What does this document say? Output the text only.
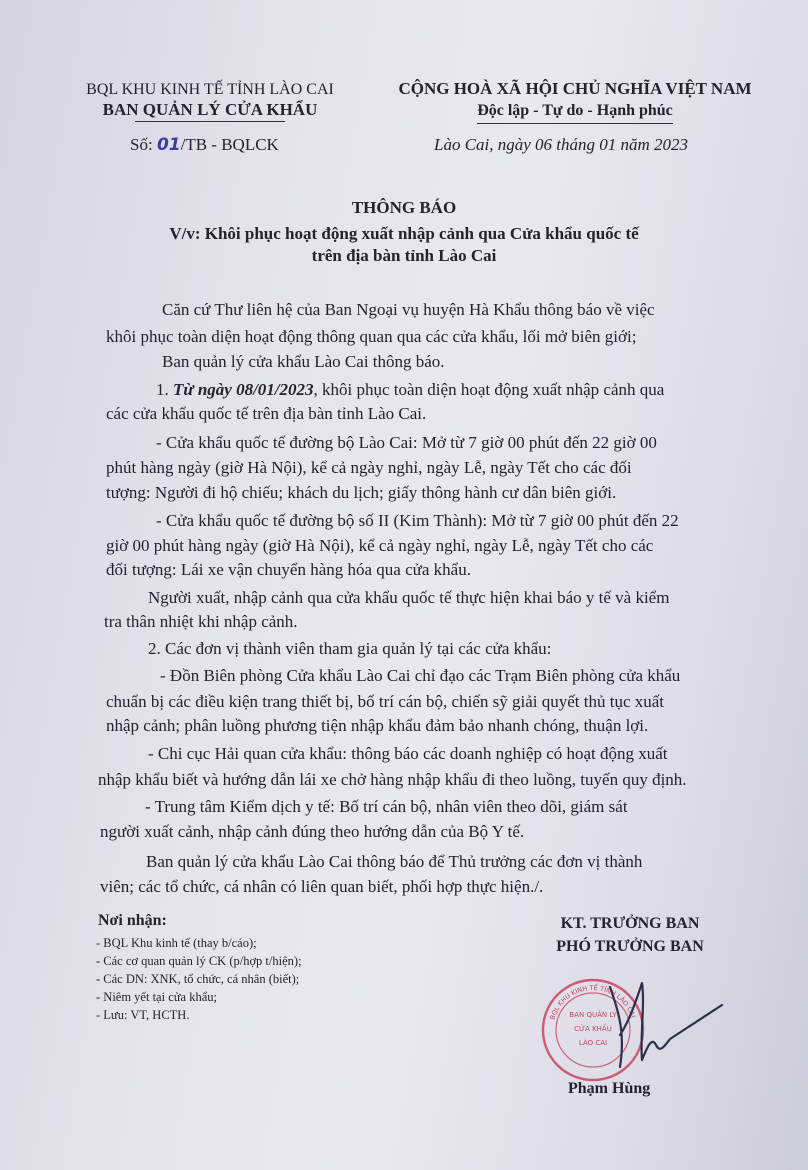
BQL KHU KINH TẾ TỈNH LÀO CAI
BAN QUẢN LÝ CỬA KHẨU
CỘNG HOÀ XÃ HỘI CHỦ NGHĨA VIỆT NAM
Độc lập - Tự do - Hạnh phúc
Số: 01/TB - BQLCK	Lào Cai, ngày 06 tháng 01 năm 2023
THÔNG BÁO
V/v: Khôi phục hoạt động xuất nhập cảnh qua Cửa khẩu quốc tế
trên địa bàn tỉnh Lào Cai
Căn cứ Thư liên hệ của Ban Ngoại vụ huyện Hà Khẩu thông báo về việc
khôi phục toàn diện hoạt động thông quan qua các cửa khẩu, lối mở biên giới;
Ban quản lý cửa khẩu Lào Cai thông báo.
1. Từ ngày 08/01/2023, khôi phục toàn diện hoạt động xuất nhập cảnh qua
các cửa khẩu quốc tế trên địa bàn tỉnh Lào Cai.
- Cửa khẩu quốc tế đường bộ Lào Cai: Mở từ 7 giờ 00 phút đến 22 giờ 00
phút hàng ngày (giờ Hà Nội), kể cả ngày nghỉ, ngày Lễ, ngày Tết cho các đối
tượng: Người đi hộ chiếu; khách du lịch; giấy thông hành cư dân biên giới.
- Cửa khẩu quốc tế đường bộ số II (Kim Thành): Mở từ 7 giờ 00 phút đến 22
giờ 00 phút hàng ngày (giờ Hà Nội), kể cả ngày nghỉ, ngày Lễ, ngày Tết cho các
đối tượng: Lái xe vận chuyển hàng hóa qua cửa khẩu.
Người xuất, nhập cảnh qua cửa khẩu quốc tế thực hiện khai báo y tế và kiểm
tra thân nhiệt khi nhập cảnh.
2. Các đơn vị thành viên tham gia quản lý tại các cửa khẩu:
- Đồn Biên phòng Cửa khẩu Lào Cai chỉ đạo các Trạm Biên phòng cửa khẩu
chuẩn bị các điều kiện trang thiết bị, bố trí cán bộ, chiến sỹ giải quyết thủ tục xuất
nhập cảnh; phân luồng phương tiện nhập khẩu đảm bảo nhanh chóng, thuận lợi.
- Chi cục Hải quan cửa khẩu: thông báo các doanh nghiệp có hoạt động xuất
nhập khẩu biết và hướng dẫn lái xe chở hàng nhập khẩu đi theo luồng, tuyến quy định.
- Trung tâm Kiểm dịch y tế: Bố trí cán bộ, nhân viên theo dõi, giám sát
người xuất cảnh, nhập cảnh đúng theo hướng dẫn của Bộ Y tế.
Ban quản lý cửa khẩu Lào Cai thông báo để Thủ trưởng các đơn vị thành
viên; các tổ chức, cá nhân có liên quan biết, phối hợp thực hiện./.
Nơi nhận:
- BQL Khu kinh tế (thay b/cáo);
- Các cơ quan quản lý CK (p/hợp t/hiện);
- Các DN: XNK, tổ chức, cá nhân (biết);
- Niêm yết tại cửa khẩu;
- Lưu: VT, HCTH.
KT. TRƯỞNG BAN
PHÓ TRƯỞNG BAN
BAN QUẢN LÝ
CỬA KHẨU
LÀO CAI
BQL KHU KINH TẾ TỈNH LÀO CAI
Phạm Hùng
